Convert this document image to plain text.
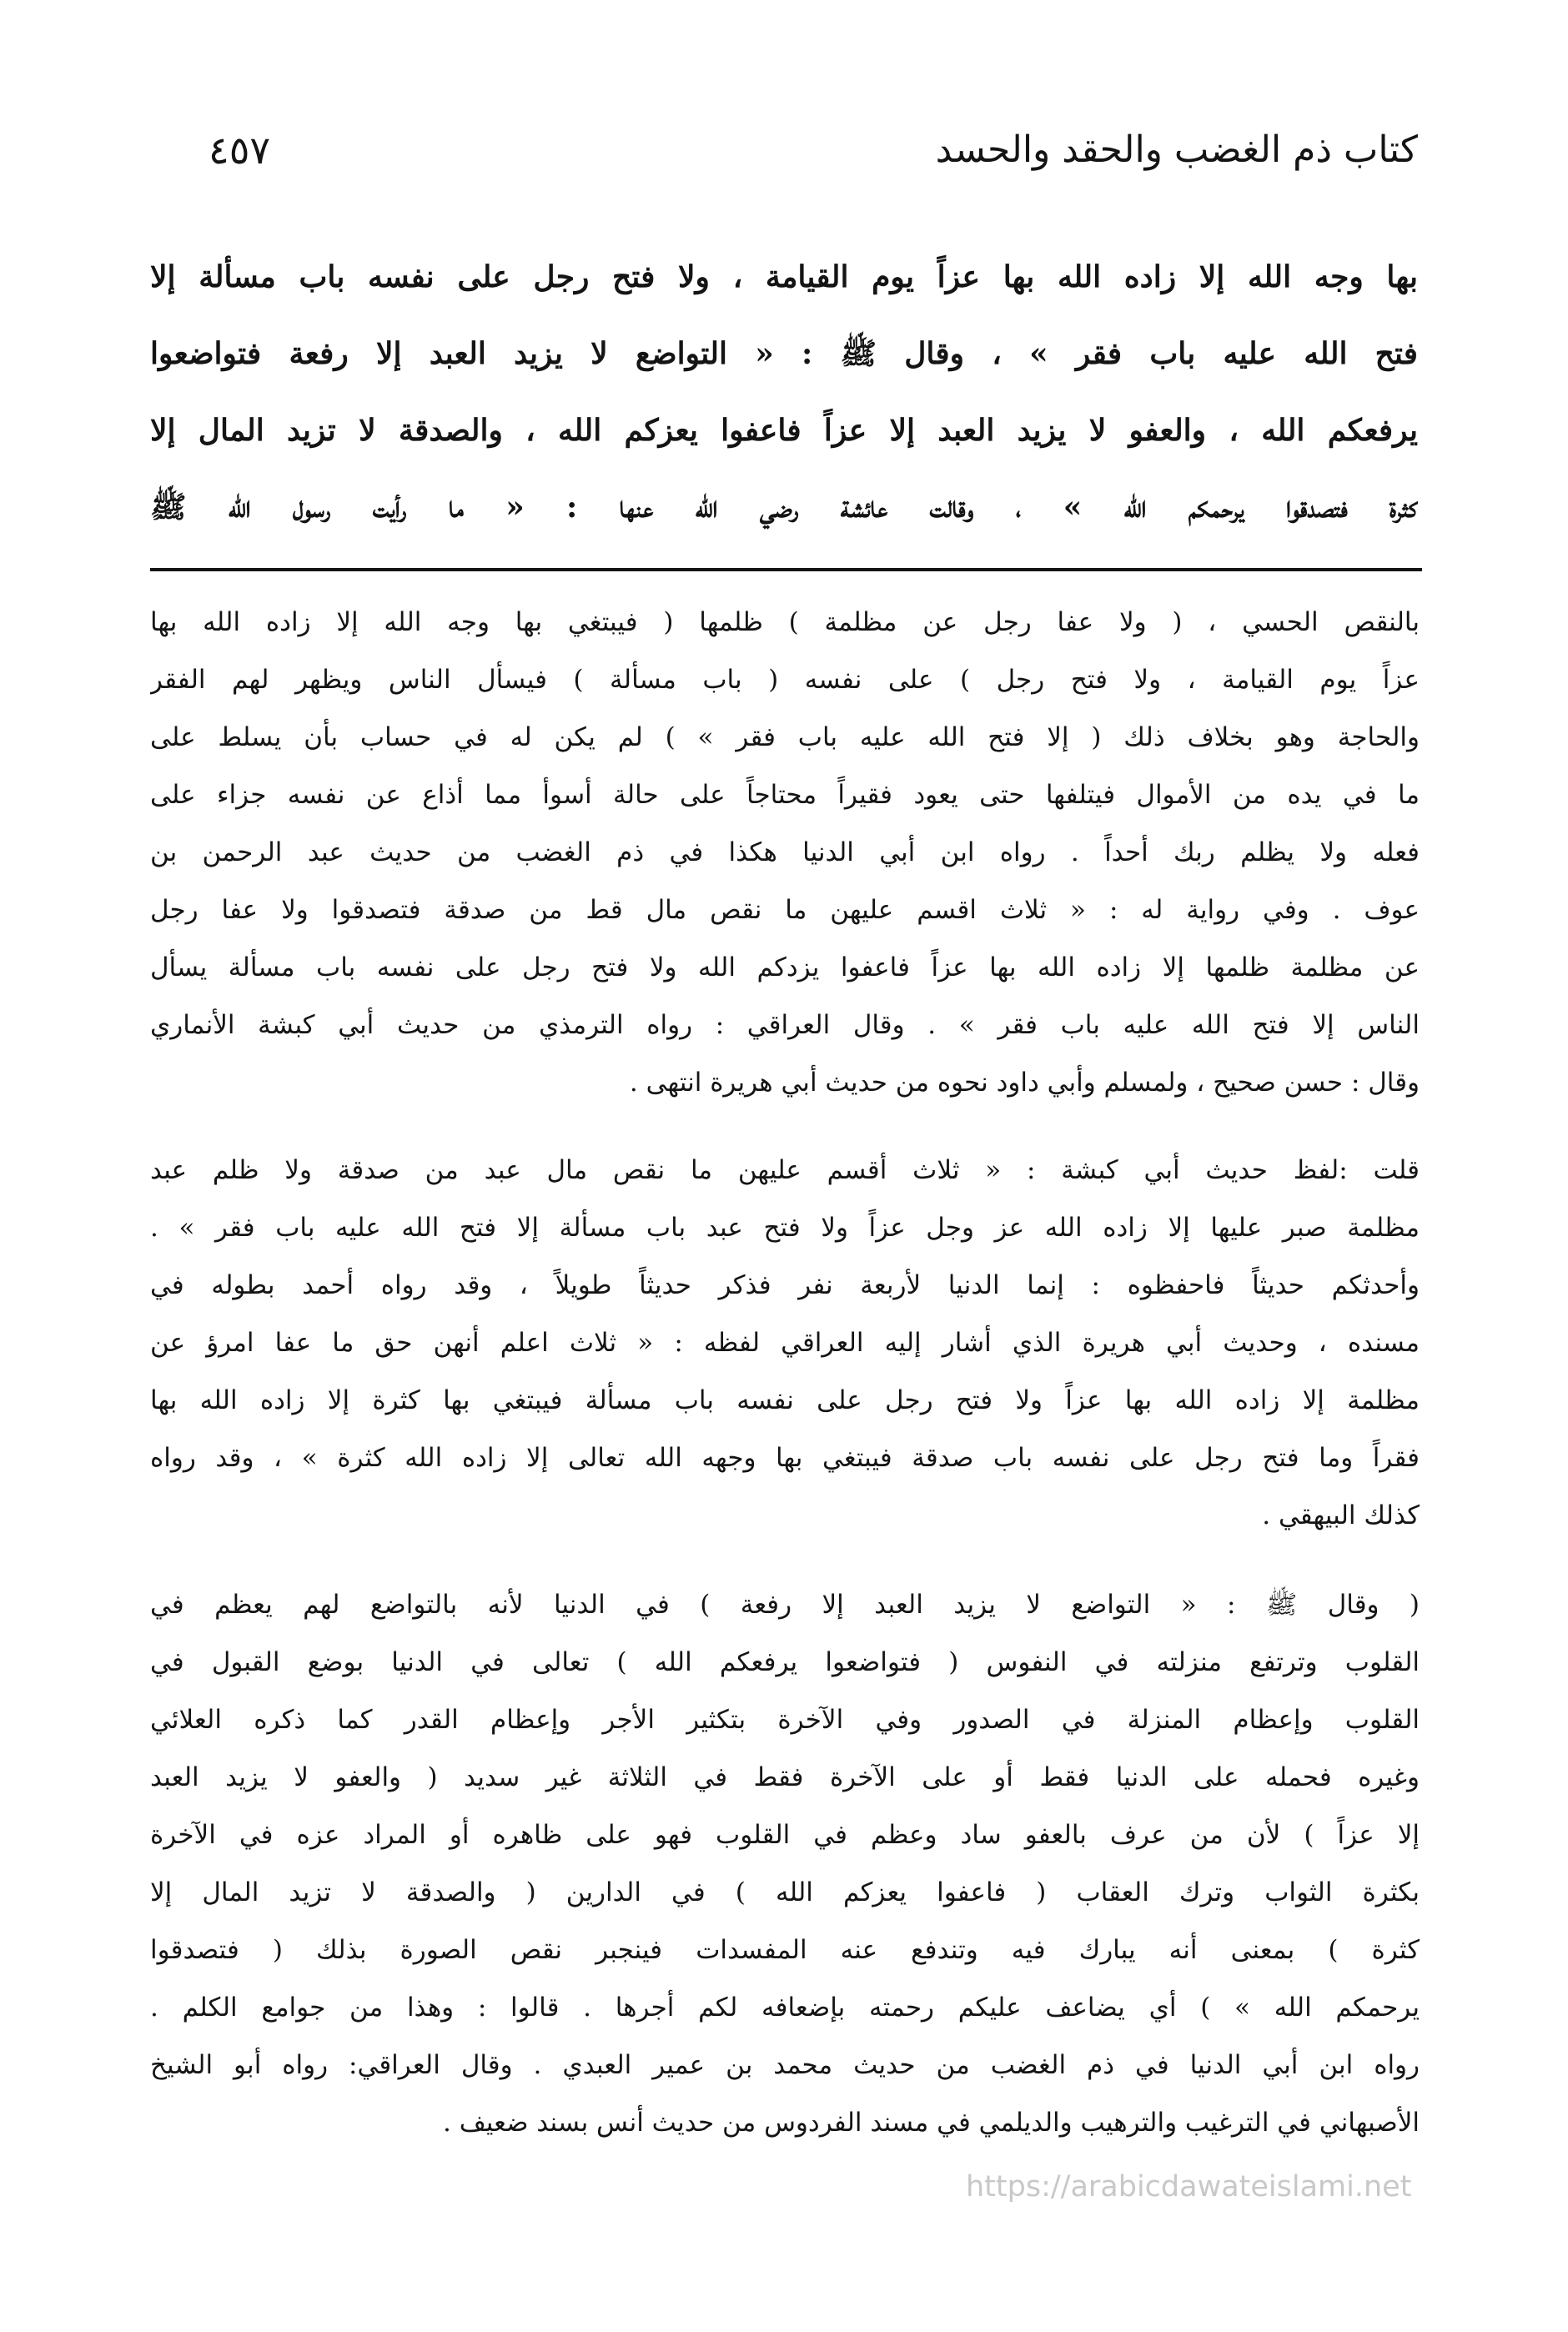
كتاب ذم الغضب والحقد والحسد
٤٥٧
بها وجه الله إلا زاده الله بها عزاً يوم القيامة ، ولا فتح رجل على نفسه باب مسألة إلا
فتح الله عليه باب فقر » ، وقال ﷺ : « التواضع لا يزيد العبد إلا رفعة فتواضعوا
يرفعكم الله ، والعفو لا يزيد العبد إلا عزاً فاعفوا يعزكم الله ، والصدقة لا تزيد المال إلا
كثرة فتصدقوا يرحمكم الله » ، وقالت عائشة رضي الله عنها : « ما رأيت رسول الله ﷺ
بالنقص الحسي ، ( ولا عفا رجل عن مظلمة ) ظلمها ( فيبتغي بها وجه الله إلا زاده الله بها
عزاً يوم القيامة ، ولا فتح رجل ) على نفسه ( باب مسألة ) فيسأل الناس ويظهر لهم الفقر
والحاجة وهو بخلاف ذلك ( إلا فتح الله عليه باب فقر » ) لم يكن له في حساب بأن يسلط على
ما في يده من الأموال فيتلفها حتى يعود فقيراً محتاجاً على حالة أسوأ مما أذاع عن نفسه جزاء على
فعله ولا يظلم ربك أحداً . رواه ابن أبي الدنيا هكذا في ذم الغضب من حديث عبد الرحمن بن
عوف . وفي رواية له : « ثلاث اقسم عليهن ما نقص مال قط من صدقة فتصدقوا ولا عفا رجل
عن مظلمة ظلمها إلا زاده الله بها عزاً فاعفوا يزدكم الله ولا فتح رجل على نفسه باب مسألة يسأل
الناس إلا فتح الله عليه باب فقر » . وقال العراقي : رواه الترمذي من حديث أبي كبشة الأنماري
وقال : حسن صحيح ، ولمسلم وأبي داود نحوه من حديث أبي هريرة انتهى .
قلت :لفظ حديث أبي كبشة : « ثلاث أقسم عليهن ما نقص مال عبد من صدقة ولا ظلم عبد
مظلمة صبر عليها إلا زاده الله عز وجل عزاً ولا فتح عبد باب مسألة إلا فتح الله عليه باب فقر » .
وأحدثكم حديثاً فاحفظوه : إنما الدنيا لأربعة نفر فذكر حديثاً طويلاً ، وقد رواه أحمد بطوله في
مسنده ، وحديث أبي هريرة الذي أشار إليه العراقي لفظه : « ثلاث اعلم أنهن حق ما عفا امرؤ عن
مظلمة إلا زاده الله بها عزاً ولا فتح رجل على نفسه باب مسألة فيبتغي بها كثرة إلا زاده الله بها
فقراً وما فتح رجل على نفسه باب صدقة فيبتغي بها وجهه الله تعالى إلا زاده الله كثرة » ، وقد رواه
كذلك البيهقي .
( وقال ﷺ : « التواضع لا يزيد العبد إلا رفعة ) في الدنيا لأنه بالتواضع لهم يعظم في
القلوب وترتفع منزلته في النفوس ( فتواضعوا يرفعكم الله ) تعالى في الدنيا بوضع القبول في
القلوب وإعظام المنزلة في الصدور وفي الآخرة بتكثير الأجر وإعظام القدر كما ذكره العلائي
وغيره فحمله على الدنيا فقط أو على الآخرة فقط في الثلاثة غير سديد ( والعفو لا يزيد العبد
إلا عزاً ) لأن من عرف بالعفو ساد وعظم في القلوب فهو على ظاهره أو المراد عزه في الآخرة
بكثرة الثواب وترك العقاب ( فاعفوا يعزكم الله ) في الدارين ( والصدقة لا تزيد المال إلا
كثرة ) بمعنى أنه يبارك فيه وتندفع عنه المفسدات فينجبر نقص الصورة بذلك ( فتصدقوا
يرحمكم الله » ) أي يضاعف عليكم رحمته بإضعافه لكم أجرها . قالوا : وهذا من جوامع الكلم .
رواه ابن أبي الدنيا في ذم الغضب من حديث محمد بن عمير العبدي . وقال العراقي: رواه أبو الشيخ
الأصبهاني في الترغيب والترهيب والديلمي في مسند الفردوس من حديث أنس بسند ضعيف .
https://arabicdawateislami.net
